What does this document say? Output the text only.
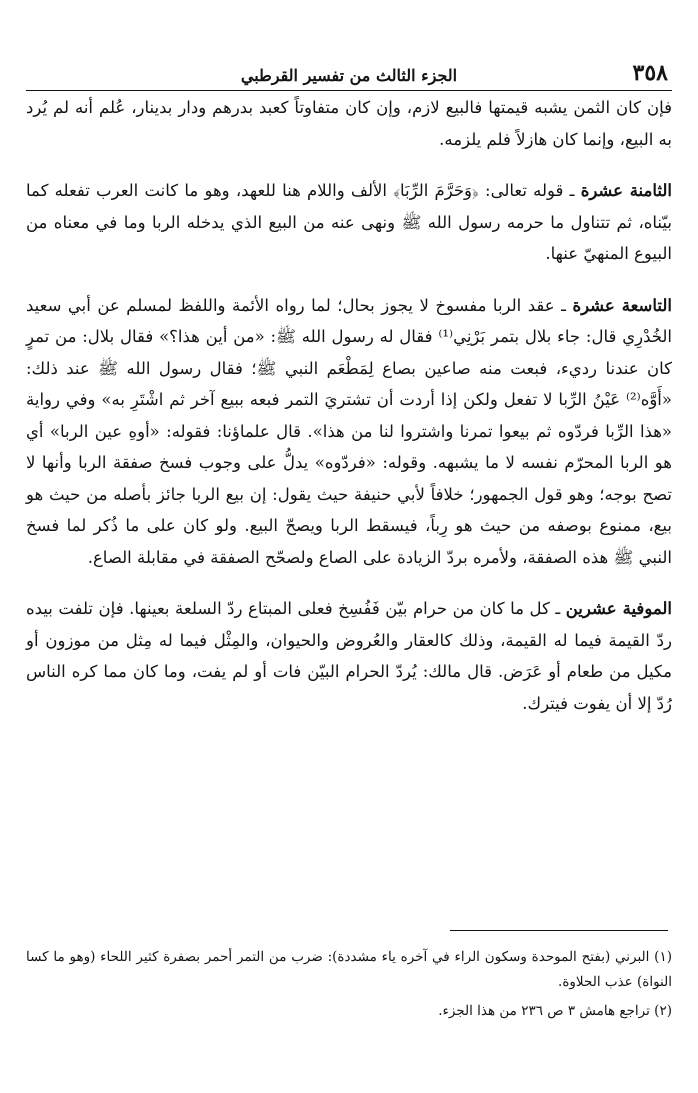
٣٥٨
الجزء الثالث من تفسير القرطبي

فإن كان الثمن يشبه قيمتها فالبيع لازم، وإن كان متفاوتاً كعبد بدرهم ودار بدينار، عُلم أنه لم يُرد به البيع، وإنما كان هازلاً فلم يلزمه.

الثامنة عشرة ـ قوله تعالى: ﴿وَحَرَّمَ الرِّبَا﴾ الألف واللام هنا للعهد، وهو ما كانت العرب تفعله كما بيّناه، ثم تتناول ما حرمه رسول الله ﷺ ونهى عنه من البيع الذي يدخله الربا وما في معناه من البيوع المنهيّ عنها.

التاسعة عشرة ـ عقد الربا مفسوخ لا يجوز بحال؛ لما رواه الأئمة واللفظ لمسلم عن أبي سعيد الخُدْرِي قال: جاء بلال بتمر بَرْنِي⁽¹⁾ فقال له رسول الله ﷺ: «من أين هذا؟» فقال بلال: من تمرٍ كان عندنا رديء، فبعت منه صاعين بصاع لِمَطْعَم النبي ﷺ؛ فقال رسول الله ﷺ عند ذلك: «أَوَّه⁽²⁾ عَيْنُ الرِّبا لا تفعل ولكن إذا أردت أن تشتريَ التمر فبعه ببيع آخر ثم اشْتَرِ به» وفي رواية «هذا الرِّبا فردّوه ثم بيعوا تمرنا واشتروا لنا من هذا». قال علماؤنا: فقوله: «أوهِ عين الربا» أي هو الربا المحرّم نفسه لا ما يشبهه. وقوله: «فردّوه» يدلُّ على وجوب فسخ صفقة الربا وأنها لا تصح بوجه؛ وهو قول الجمهور؛ خلافاً لأبي حنيفة حيث يقول: إن بيع الربا جائز بأصله من حيث هو بيع، ممنوع بوصفه من حيث هو رِباً، فيسقط الربا ويصحّ البيع. ولو كان على ما ذُكر لما فسخ النبي ﷺ هذه الصفقة، ولأمره بردّ الزيادة على الصاع ولصحّح الصفقة في مقابلة الصاع.

الموفية عشرين ـ كل ما كان من حرام بيّن فَفُسِخ فعلى المبتاع ردّ السلعة بعينها. فإن تلفت بيده ردّ القيمة فيما له القيمة، وذلك كالعقار والعُروض والحيوان، والمِثْل فيما له مِثل من موزون أو مكيل من طعام أو عَرَض. قال مالك: يُردّ الحرام البيّن فات أو لم يفت، وما كان مما كره الناس رُدّ إلا أن يفوت فيترك.

(١) البرني (بفتح الموحدة وسكون الراء في آخره ياء مشددة): ضرب من التمر أحمر بصفرة كثير اللحاء (وهو ما كسا النواة) عذب الحلاوة.

(٢) تراجع هامش ٣ ص ٢٣٦ من هذا الجزء.
